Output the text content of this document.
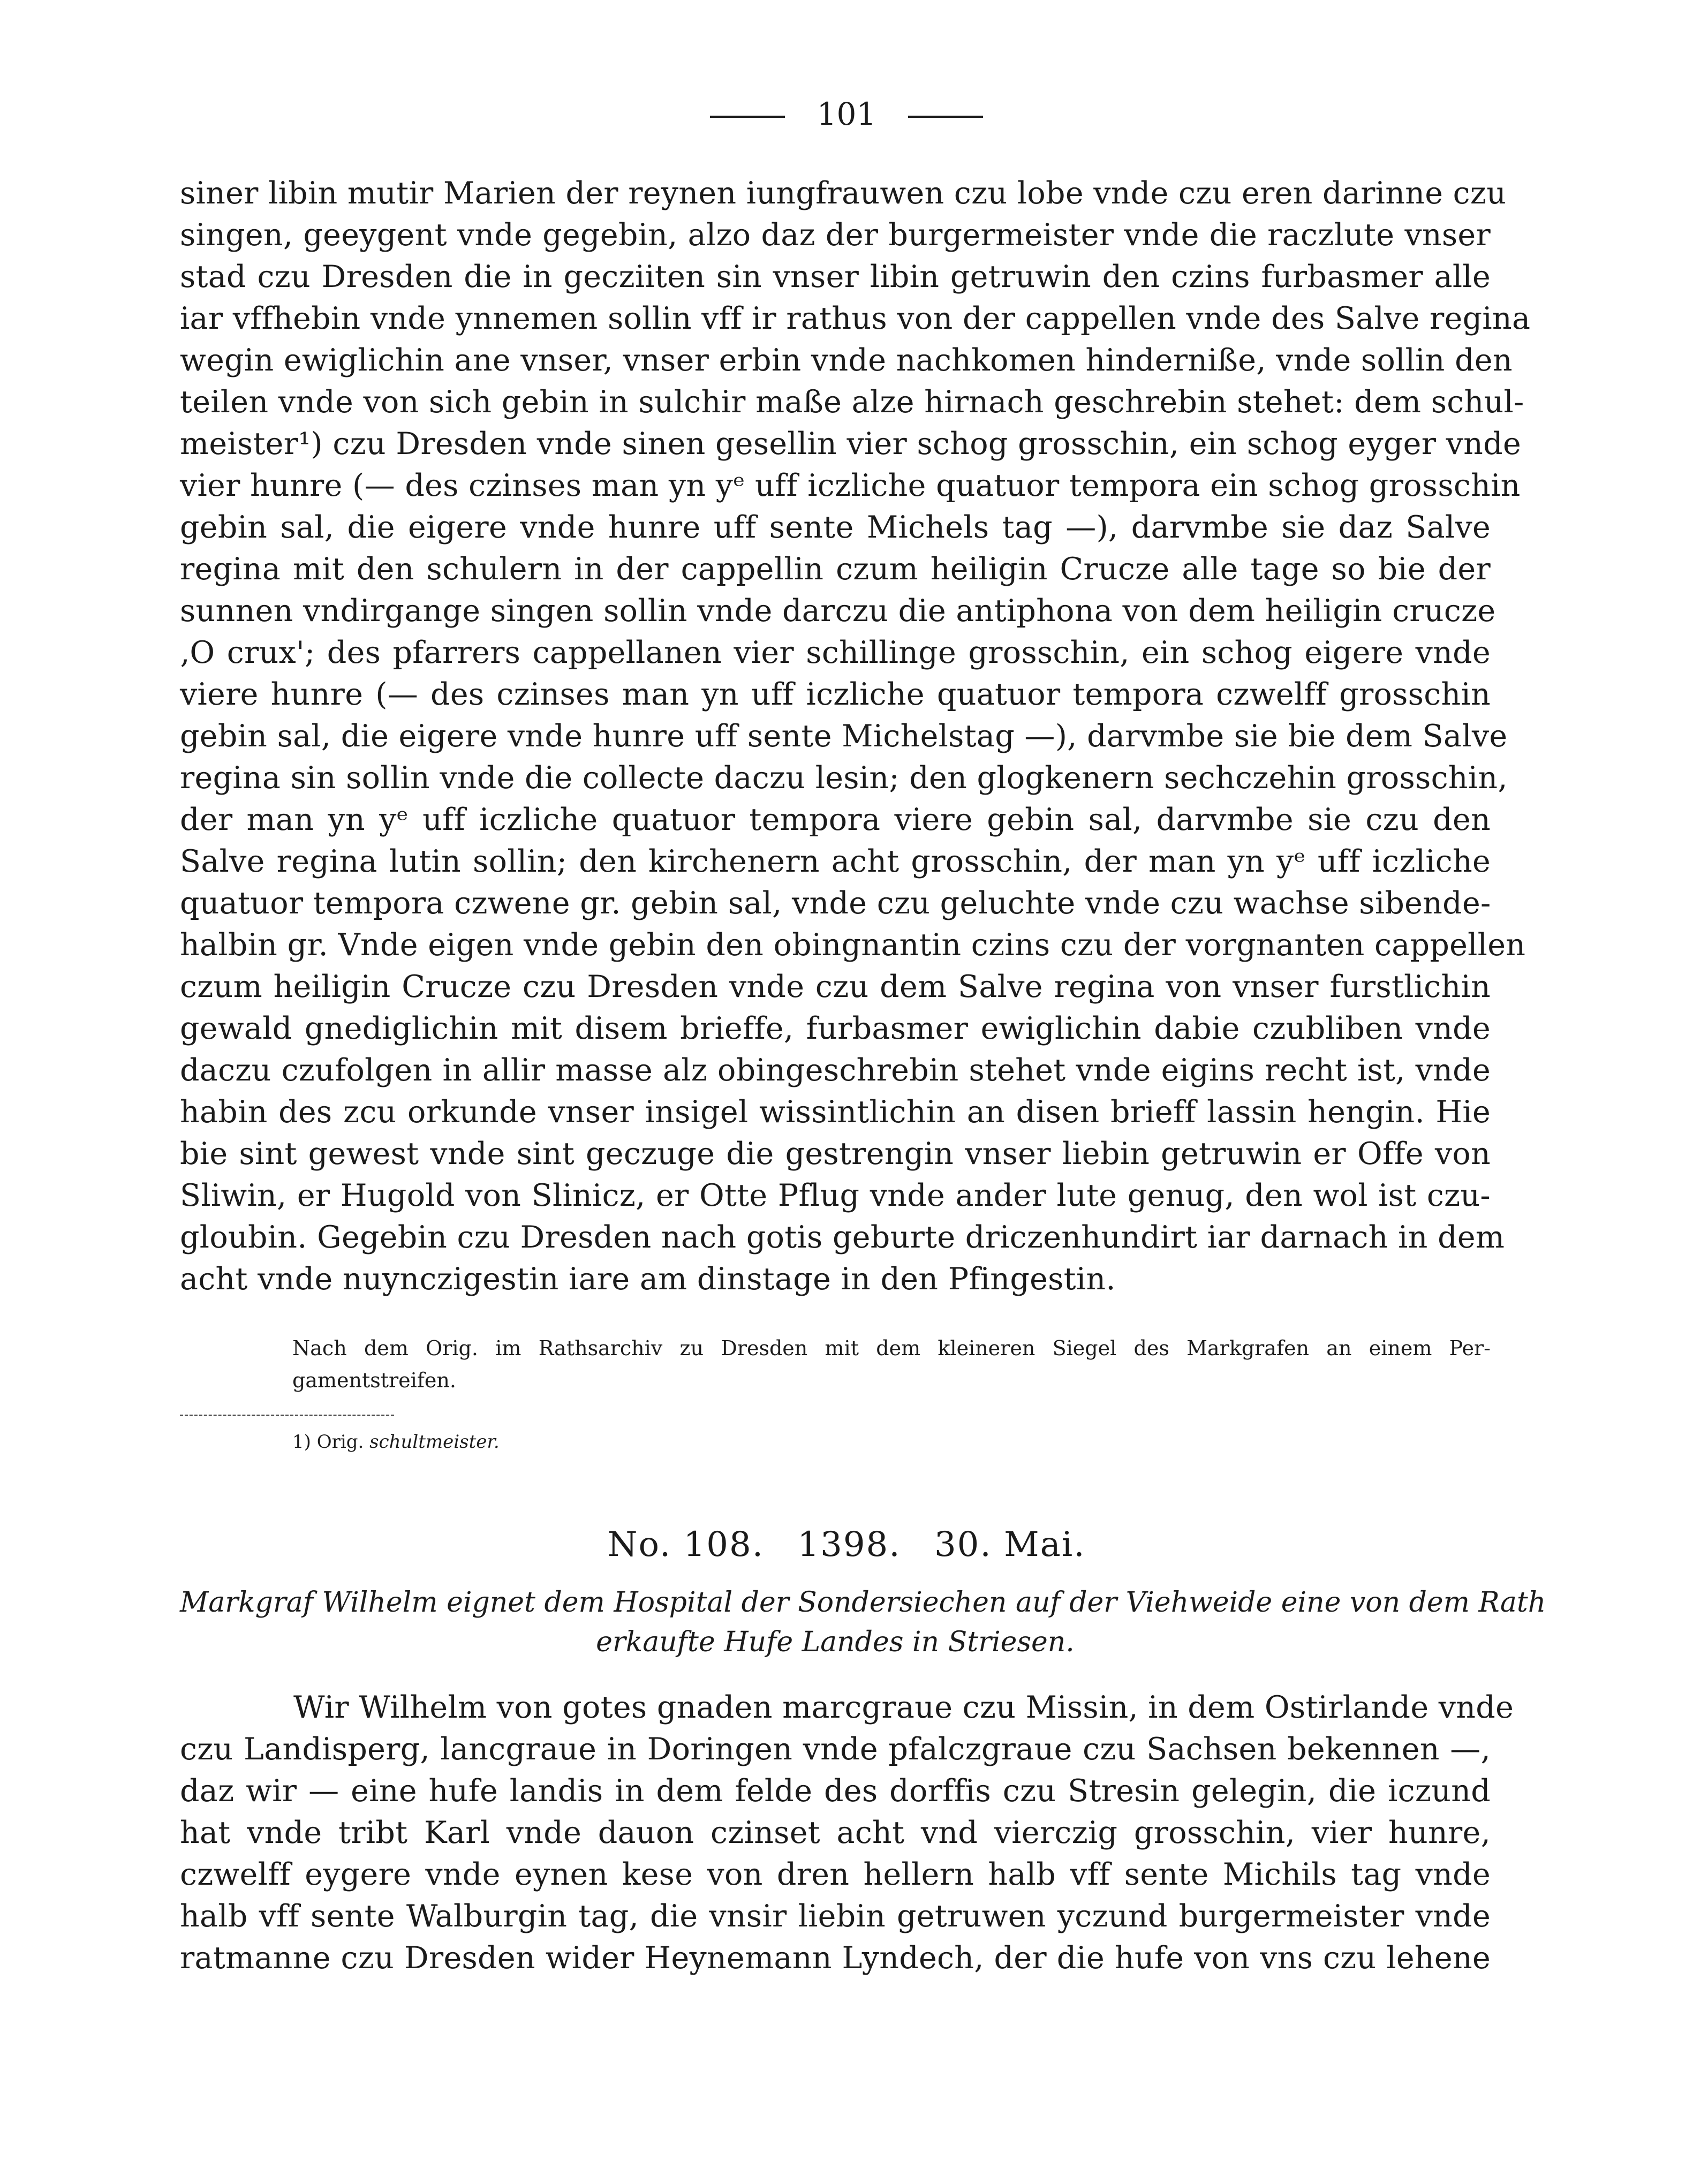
101
siner libin mutir Marien der reynen iungfrauwen czu lobe vnde czu eren darinne czu
singen, geeygent vnde gegebin, alzo daz der burgermeister vnde die raczlute vnser
stad czu Dresden die in gecziiten sin vnser libin getruwin den czins furbasmer alle
iar vffhebin vnde ynnemen sollin vff ir rathus von der cappellen vnde des Salve regina
wegin ewiglichin ane vnser, vnser erbin vnde nachkomen hinderniße, vnde sollin den
teilen vnde von sich gebin in sulchir maße alze hirnach geschrebin stehet: dem schul-
meister¹) czu Dresden vnde sinen gesellin vier schog grosschin, ein schog eyger vnde
vier hunre (— des czinses man yn yᵉ uff iczliche quatuor tempora ein schog grosschin
gebin sal, die eigere vnde hunre uff sente Michels tag —), darvmbe sie daz Salve
regina mit den schulern in der cappellin czum heiligin Crucze alle tage so bie der
sunnen vndirgange singen sollin vnde darczu die antiphona von dem heiligin crucze
‚O crux'; des pfarrers cappellanen vier schillinge grosschin, ein schog eigere vnde
viere hunre (— des czinses man yn uff iczliche quatuor tempora czwelff grosschin
gebin sal, die eigere vnde hunre uff sente Michelstag —), darvmbe sie bie dem Salve
regina sin sollin vnde die collecte daczu lesin; den glogkenern sechczehin grosschin,
der man yn yᵉ uff iczliche quatuor tempora viere gebin sal, darvmbe sie czu den
Salve regina lutin sollin; den kirchenern acht grosschin, der man yn yᵉ uff iczliche
quatuor tempora czwene gr. gebin sal, vnde czu geluchte vnde czu wachse sibende-
halbin gr. Vnde eigen vnde gebin den obingnantin czins czu der vorgnanten cappellen
czum heiligin Crucze czu Dresden vnde czu dem Salve regina von vnser furstlichin
gewald gnediglichin mit disem brieffe, furbasmer ewiglichin dabie czubliben vnde
daczu czufolgen in allir masse alz obingeschrebin stehet vnde eigins recht ist, vnde
habin des zcu orkunde vnser insigel wissintlichin an disen brieff lassin hengin. Hie
bie sint gewest vnde sint geczuge die gestrengin vnser liebin getruwin er Offe von
Sliwin, er Hugold von Slinicz, er Otte Pflug vnde ander lute genug, den wol ist czu-
gloubin. Gegebin czu Dresden nach gotis geburte driczenhundirt iar darnach in dem
acht vnde nuynczigestin iare am dinstage in den Pfingestin.
Nach dem Orig. im Rathsarchiv zu Dresden mit dem kleineren Siegel des Markgrafen an einem Per-
gamentstreifen.
1) Orig. schultmeister.
No. 108. 1398. 30. Mai.
Markgraf Wilhelm eignet dem Hospital der Sondersiechen auf der Viehweide eine von dem Rath
erkaufte Hufe Landes in Striesen.
Wir Wilhelm von gotes gnaden marcgraue czu Missin, in dem Ostirlande vnde
czu Landisperg, lancgraue in Doringen vnde pfalczgraue czu Sachsen bekennen —,
daz wir — eine hufe landis in dem felde des dorffis czu Stresin gelegin, die iczund
hat vnde tribt Karl vnde dauon czinset acht vnd vierczig grosschin, vier hunre,
czwelff eygere vnde eynen kese von dren hellern halb vff sente Michils tag vnde
halb vff sente Walburgin tag, die vnsir liebin getruwen yczund burgermeister vnde
ratmanne czu Dresden wider Heynemann Lyndech, der die hufe von vns czu lehene
